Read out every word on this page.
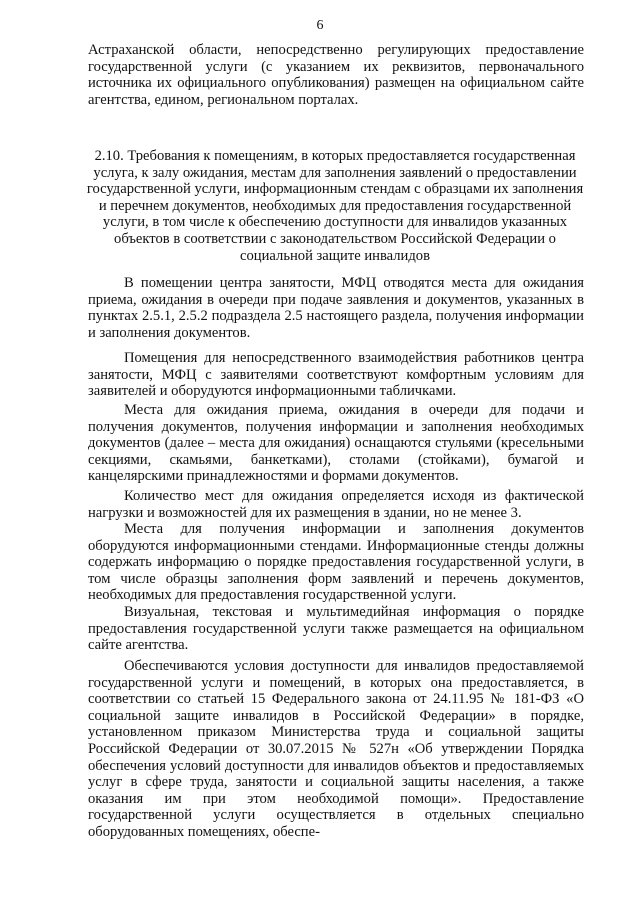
6
Астраханской области, непосредственно регулирующих предоставление государственной услуги (с указанием их реквизитов, первоначального источника их официального опубликования) размещен на официальном сайте агентства, едином, региональном порталах.
2.10. Требования к помещениям, в которых предоставляется государственная услуга, к залу ожидания, местам для заполнения заявлений о предоставлении государственной услуги, информационным стендам с образцами их заполнения и перечнем документов, необходимых для предоставления государственной услуги, в том числе к обеспечению доступности для инвалидов указанных объектов в соответствии с законодательством Российской Федерации о социальной защите инвалидов
В помещении центра занятости, МФЦ отводятся места для ожидания приема, ожидания в очереди при подаче заявления и документов, указанных в пунктах 2.5.1, 2.5.2 подраздела 2.5 настоящего раздела, получения информации и заполнения документов.
Помещения для непосредственного взаимодействия работников центра занятости, МФЦ с заявителями соответствуют комфортным условиям для заявителей и оборудуются информационными табличками.
Места для ожидания приема, ожидания в очереди для подачи и получения документов, получения информации и заполнения необходимых документов (далее – места для ожидания) оснащаются стульями (кресельными секциями, скамьями, банкетками), столами (стойками), бумагой и канцелярскими принадлежностями и формами документов.
Количество мест для ожидания определяется исходя из фактической нагрузки и возможностей для их размещения в здании, но не менее 3.
Места для получения информации и заполнения документов оборудуются информационными стендами. Информационные стенды должны содержать информацию о порядке предоставления государственной услуги, в том числе образцы заполнения форм заявлений и перечень документов, необходимых для предоставления государственной услуги.
Визуальная, текстовая и мультимедийная информация о порядке предоставления государственной услуги также размещается на официальном сайте агентства.
Обеспечиваются условия доступности для инвалидов предоставляемой государственной услуги и помещений, в которых она предоставляется, в соответствии со статьей 15 Федерального закона от 24.11.95 № 181-ФЗ «О социальной защите инвалидов в Российской Федерации» в порядке, установленном приказом Министерства труда и социальной защиты Российской Федерации от 30.07.2015 № 527н «Об утверждении Порядка обеспечения условий доступности для инвалидов объектов и предоставляемых услуг в сфере труда, занятости и социальной защиты населения, а также оказания им при этом необходимой помощи». Предоставление государственной услуги осуществляется в отдельных специально оборудованных помещениях, обеспе-
